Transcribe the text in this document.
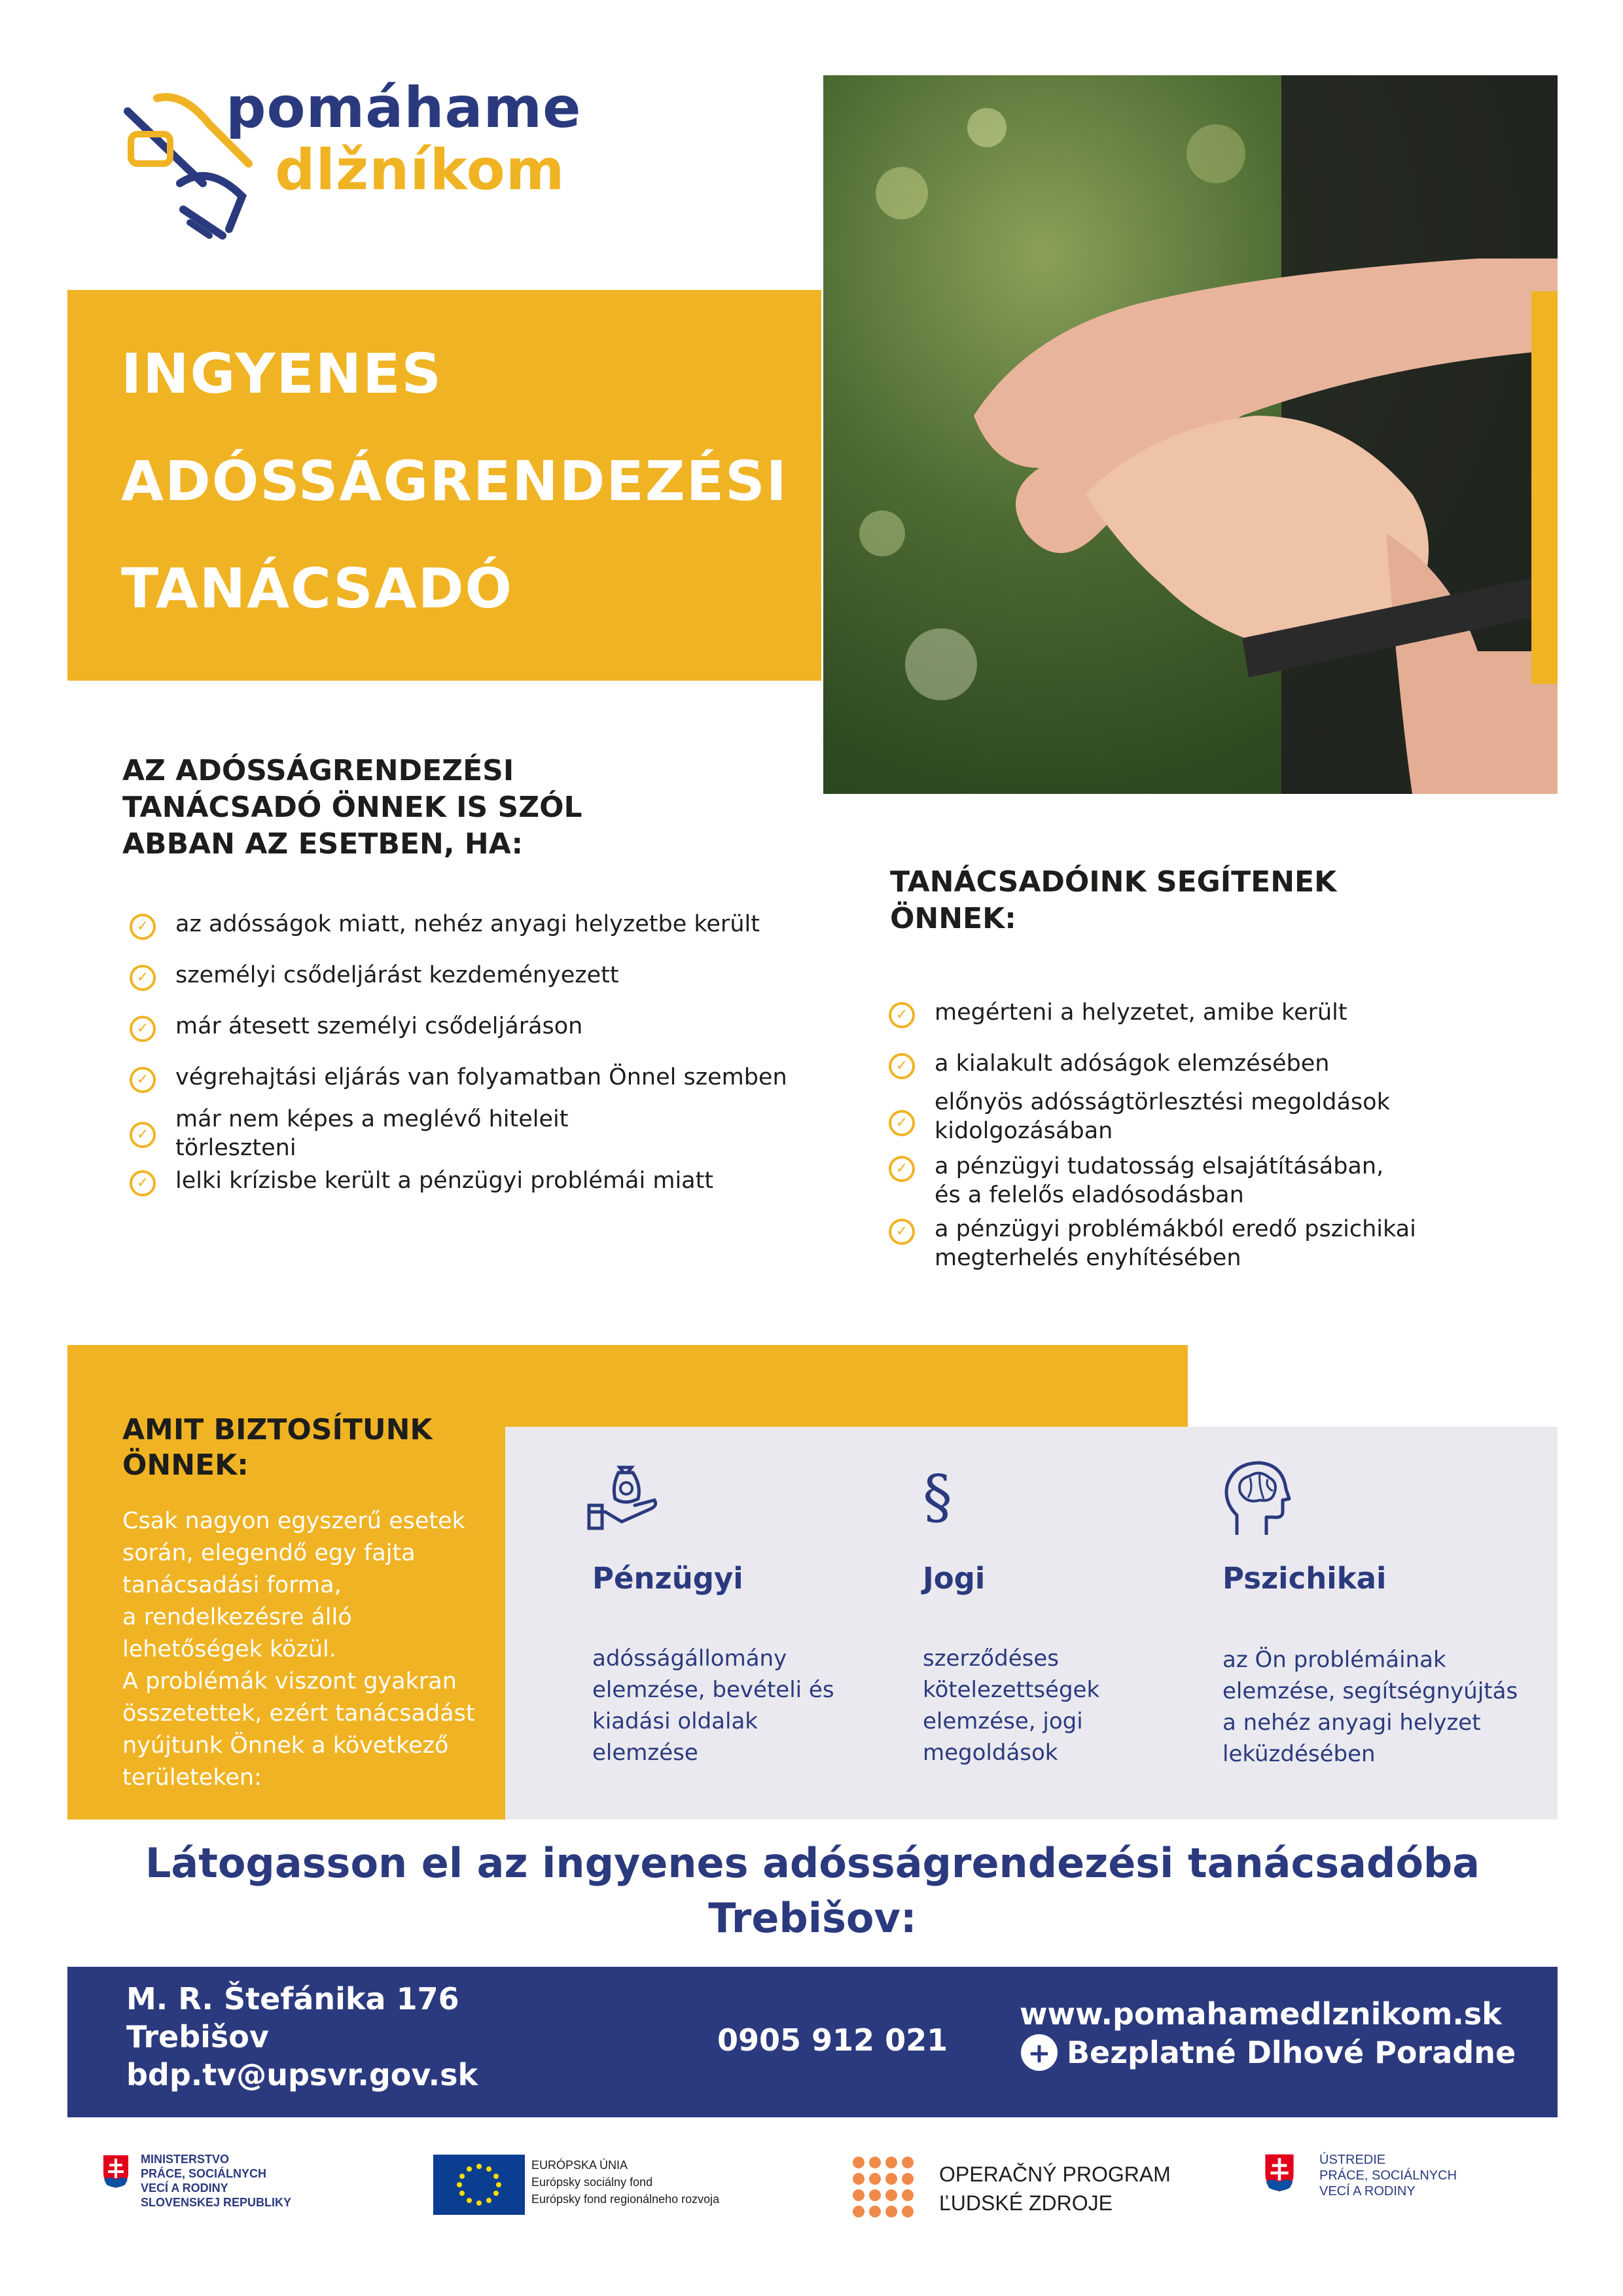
pomáhame
dlžníkom
INGYENES
ADÓSSÁGRENDEZÉSI
TANÁCSADÓ
AZ ADÓSSÁGRENDEZÉSI
TANÁCSADÓ ÖNNEK IS SZÓL
ABBAN AZ ESETBEN, HA:
✓	az adósságok miatt, nehéz anyagi helyzetbe került
✓	személyi csődeljárást kezdeményezett
✓	már átesett személyi csődeljáráson
✓	végrehajtási eljárás van folyamatban Önnel szemben
✓
már nem képes a meglévő hiteleit
törleszteni
✓	lelki krízisbe került a pénzügyi problémái miatt
TANÁCSADÓINK SEGÍTENEK
ÖNNEK:
✓	megérteni a helyzetet, amibe került
✓	a kialakult adóságok elemzésében
✓
előnyös adósságtörlesztési megoldások
kidolgozásában
✓	a pénzügyi tudatosság elsajátításában,
és a felelős eladósodásban
✓	a pénzügyi problémákból eredő pszichikai
megterhelés enyhítésében
AMIT BIZTOSÍTUNK
ÖNNEK:

Csak nagyon egyszerű esetek

során, elegendő egy fajta

tanácsadási forma,

a rendelkezésre álló

lehetőségek közül.

A problémák viszont gyakran

összetettek, ezért tanácsadást

nyújtunk Önnek a következő

területeken:

Pénzügyi

adósságállomány

elemzése, bevételi és

kiadási oldalak

elemzése

§
Jogi

szerződéses

kötelezettségek

elemzése, jogi

megoldások

Pszichikai

az Ön problémáinak

elemzése, segítségnyújtás

a nehéz anyagi helyzet

leküzdésében

Látogasson el az ingyenes adósságrendezési tanácsadóba

Trebišov:

M. R. Štefánika 176

Trebišov

bdp.tv@upsvr.gov.sk

0905 912 021
www.pomahamedlznikom.sk
+ Bezplatné Dlhové Poradne

MINISTERSTVO

PRÁCE, SOCIÁLNYCH

VECÍ A RODINY

SLOVENSKEJ REPUBLIKY

EURÓPSKA ÚNIA

Európsky sociálny fond

Európsky fond regionálneho rozvoja

OPERAČNÝ PROGRAM

ĽUDSKÉ ZDROJE

ÚSTREDIE

PRÁCE, SOCIÁLNYCH

VECÍ A RODINY
